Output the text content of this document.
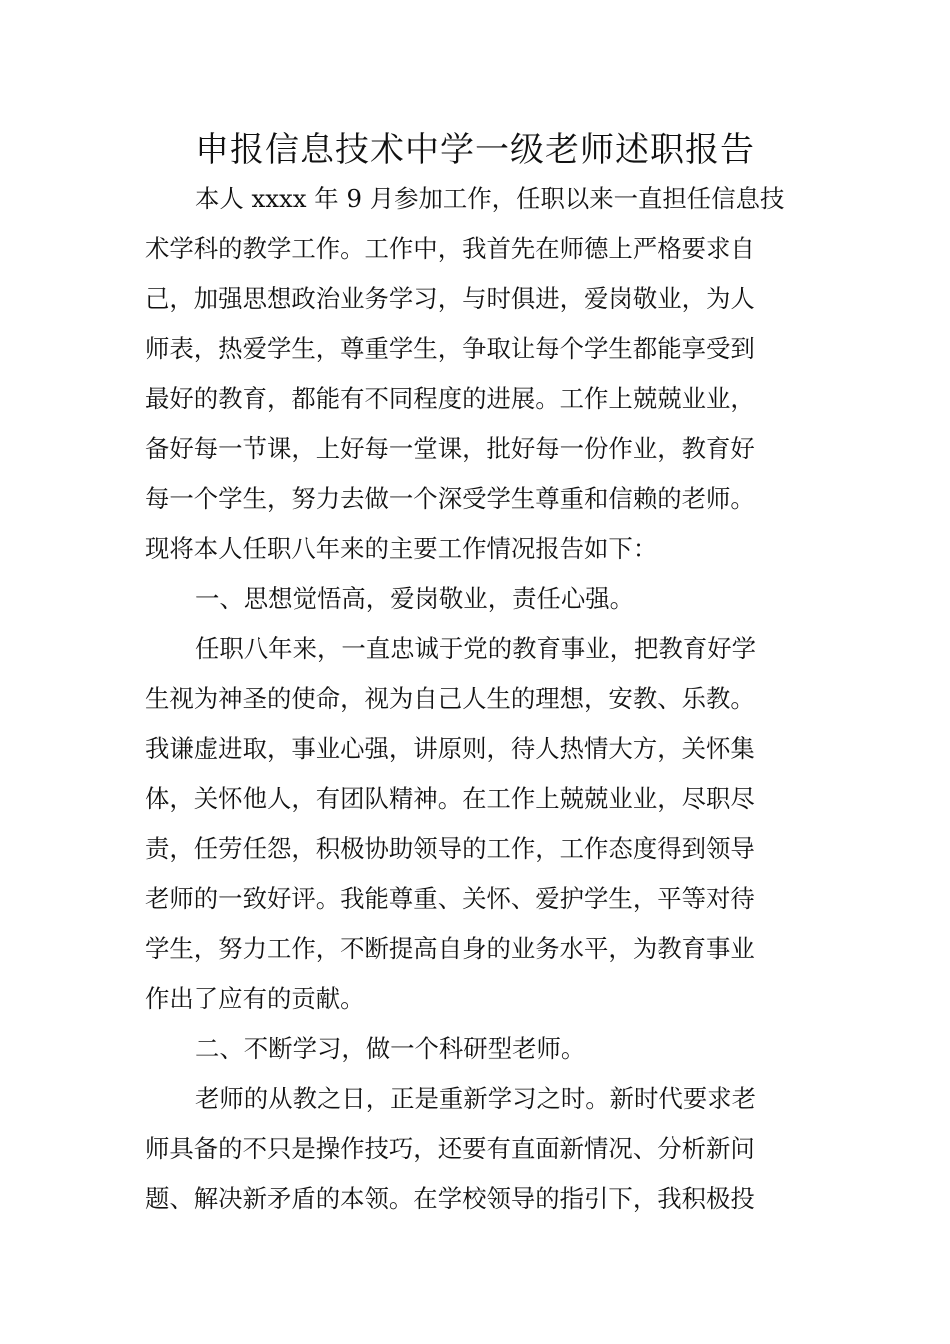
申报信息技术中学一级老师述职报告

本人 xxxx 年 9 月参加工作，任职以来一直担任信息技

术学科的教学工作。工作中，我首先在师德上严格要求自

己，加强思想政治业务学习，与时俱进，爱岗敬业，为人

师表，热爱学生，尊重学生，争取让每个学生都能享受到

最好的教育，都能有不同程度的进展。工作上兢兢业业，

备好每一节课，上好每一堂课，批好每一份作业，教育好

每一个学生，努力去做一个深受学生尊重和信赖的老师。

现将本人任职八年来的主要工作情况报告如下：

一、思想觉悟高，爱岗敬业，责任心强。

任职八年来，一直忠诚于党的教育事业，把教育好学

生视为神圣的使命，视为自己人生的理想，安教、乐教。

我谦虚进取，事业心强，讲原则，待人热情大方，关怀集

体，关怀他人，有团队精神。在工作上兢兢业业，尽职尽

责，任劳任怨，积极协助领导的工作，工作态度得到领导

老师的一致好评。我能尊重、关怀、爱护学生，平等对待

学生，努力工作，不断提高自身的业务水平，为教育事业

作出了应有的贡献。

二、不断学习，做一个科研型老师。

老师的从教之日，正是重新学习之时。新时代要求老

师具备的不只是操作技巧，还要有直面新情况、分析新问

题、解决新矛盾的本领。在学校领导的指引下，我积极投
